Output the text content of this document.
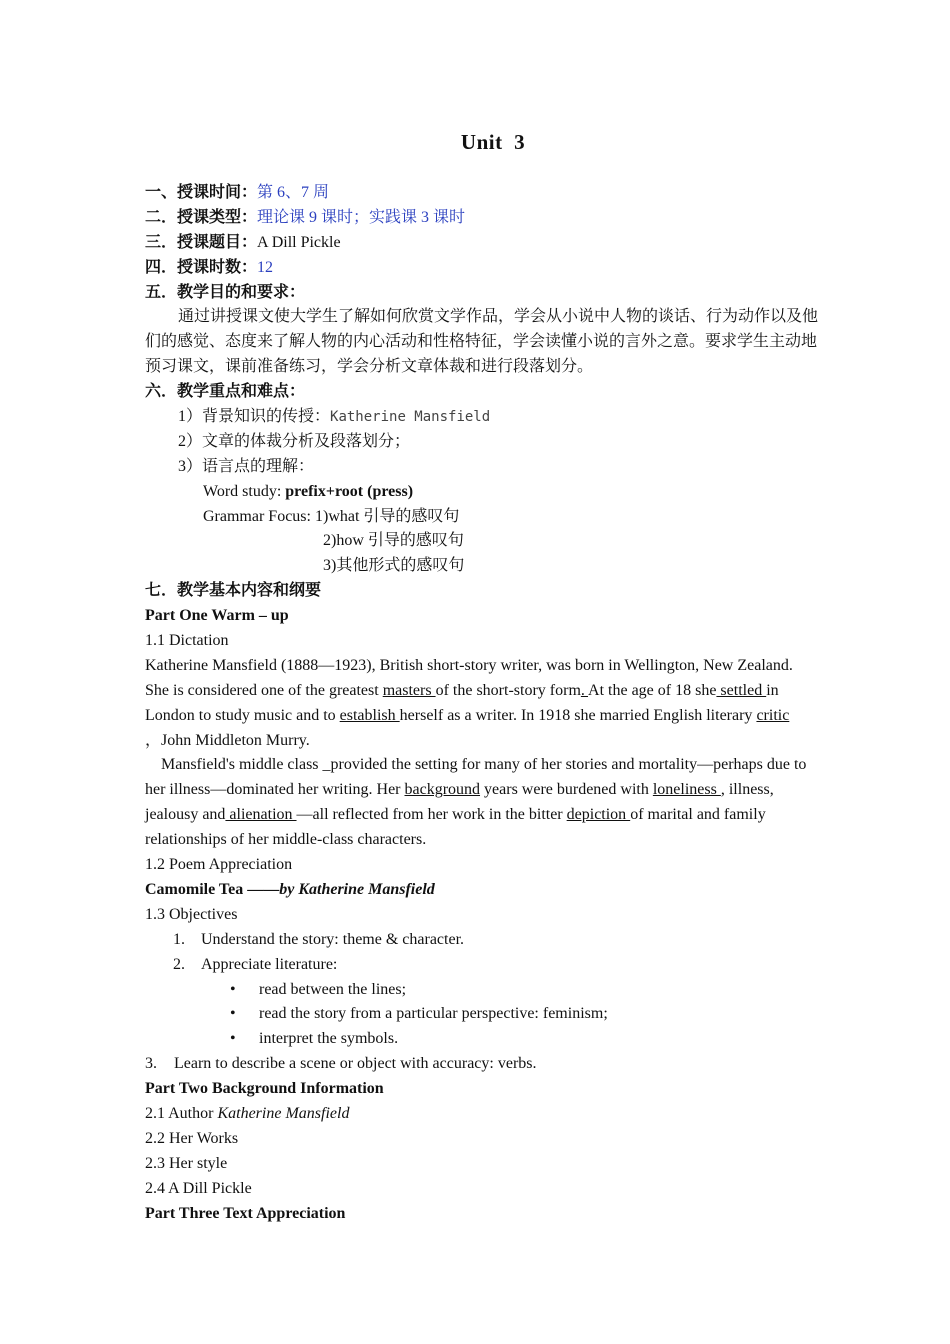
Unit  3
一、授课时间：第 6、7 周
二．授课类型：理论课 9 课时；实践课 3 课时
三．授课题目：A Dill Pickle
四．授课时数：12
五．教学目的和要求：
通过讲授课文使大学生了解如何欣赏文学作品，学会从小说中人物的谈话、行为动作以及他
们的感觉、态度来了解人物的内心活动和性格特征，学会读懂小说的言外之意。要求学生主动地
预习课文，课前准备练习，学会分析文章体裁和进行段落划分。
六．教学重点和难点：
1）背景知识的传授：Katherine Mansfield
2）文章的体裁分析及段落划分；
3）语言点的理解：
Word study: prefix+root (press)
Grammar Focus: 1)what 引导的感叹句
2)how 引导的感叹句
3)其他形式的感叹句
七．教学基本内容和纲要
Part One Warm – up
1.1 Dictation
Katherine Mansfield (1888—1923), British short-story writer, was born in Wellington, New Zealand.
She is considered one of the greatest masters of the short-story form. At the age of 18 she settled in
London to study music and to establish herself as a writer. In 1918 she married English literary critic
，John Middleton Murry.
Mansfield's middle class _provided the setting for many of her stories and mortality—perhaps due to
her illness—dominated her writing. Her background years were burdened with loneliness , illness,
jealousy and alienation —all reflected from her work in the bitter depiction of marital and family
relationships of her middle-class characters.
1.2 Poem Appreciation
Camomile Tea ——by Katherine Mansfield
1.3 Objectives
1. Understand the story: theme & character.
2. Appreciate literature:
• read between the lines;
• read the story from a particular perspective: feminism;
• interpret the symbols.
3. Learn to describe a scene or object with accuracy: verbs.
Part Two Background Information
2.1 Author Katherine Mansfield
2.2 Her Works
2.3 Her style
2.4 A Dill Pickle
Part Three Text Appreciation
